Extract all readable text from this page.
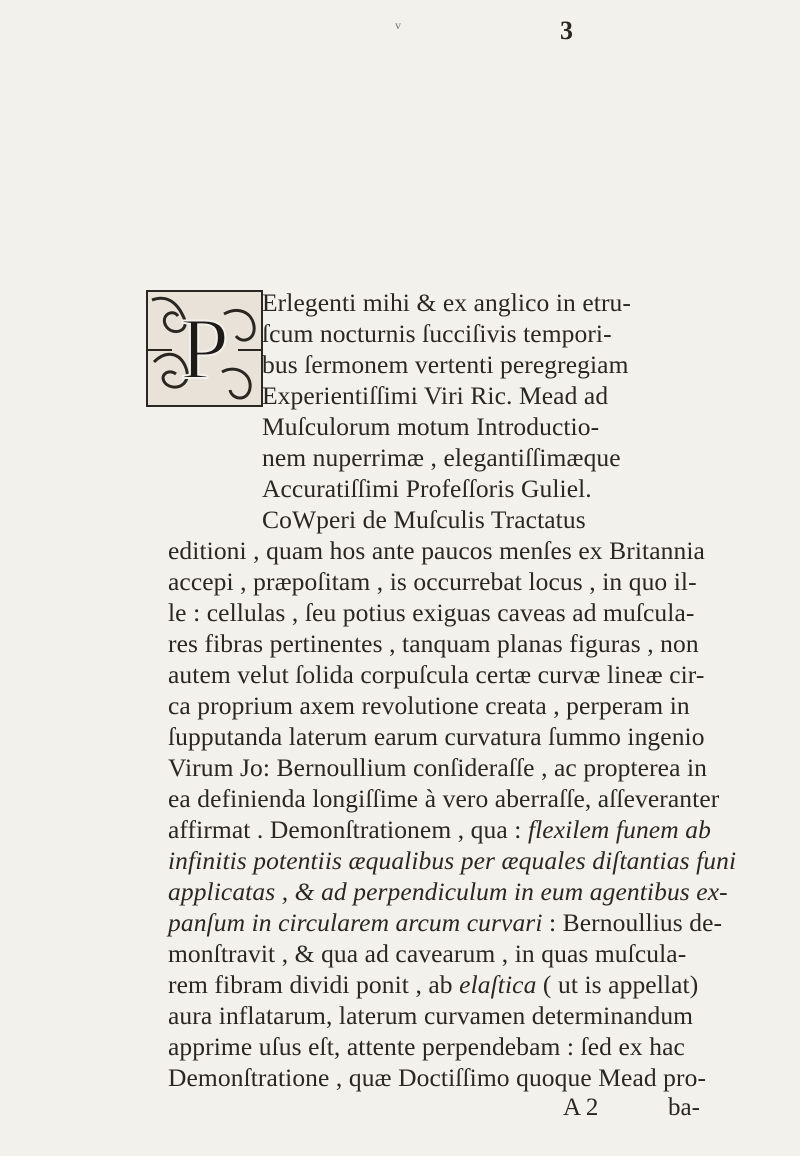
3
v
P Erlegenti mihi & ex anglico in etru-
ſcum nocturnis ſucciſivis tempori-
bus ſermonem vertenti peregregiam
Experientiſſimi Viri Ric. Mead ad
Muſculorum motum Introductio-
nem nuperrimæ , elegantiſſimæque
Accuratiſſimi Profeſſoris Guliel.
CoWperi de Muſculis Tractatus
editioni , quam hos ante paucos menſes ex Britannia
accepi , præpoſitam , is occurrebat locus , in quo il-
le : cellulas , ſeu potius exiguas caveas ad muſcula-
res fibras pertinentes , tanquam planas figuras , non
autem velut ſolida corpuſcula certæ curvæ lineæ cir-
ca proprium axem revolutione creata , perperam in
ſupputanda laterum earum curvatura ſummo ingenio
Virum Jo: Bernoullium conſideraſſe , ac propterea in
ea definienda longiſſime à vero aberraſſe, aſſeveranter
affirmat . Demonſtrationem , qua : flexilem funem ab
infinitis potentiis æqualibus per æquales diſtantias funi
applicatas , & ad perpendiculum in eum agentibus ex-
panſum in circularem arcum curvari : Bernoullius de-
monſtravit , & qua ad cavearum , in quas muſcula-
rem fibram dividi ponit , ab elaſtica ( ut is appellat)
aura inflatarum, laterum curvamen determinandum
apprime uſus eſt, attente perpendebam : ſed ex hac
Demonſtratione , quæ Doctiſſimo quoque Mead pro-
A 2	ba-
